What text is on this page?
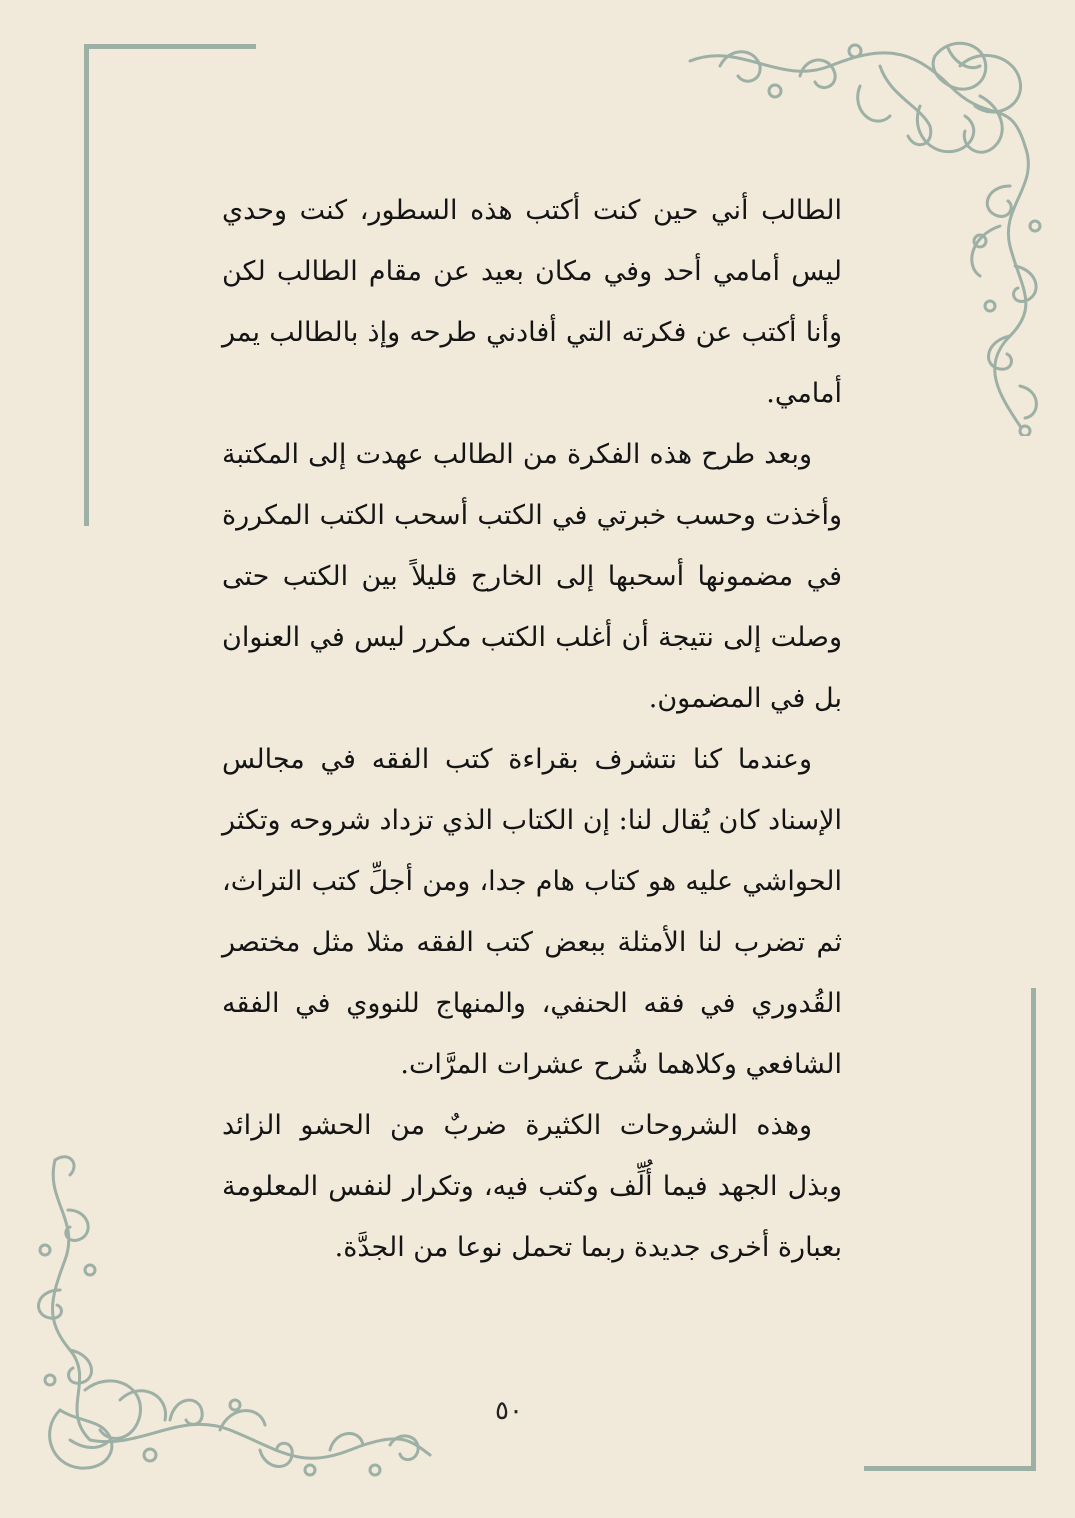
الطالب أني حين كنت أكتب هذه السطور، كنت وحدي ليس أمامي أحد وفي مكان بعيد عن مقام الطالب لكن وأنا أكتب عن فكرته التي أفادني طرحه وإذ بالطالب يمر أمامي.

وبعد طرح هذه الفكرة من الطالب عهدت إلى المكتبة وأخذت وحسب خبرتي في الكتب أسحب الكتب المكررة في مضمونها أسحبها إلى الخارج قليلاً بين الكتب حتى وصلت إلى نتيجة أن أغلب الكتب مكرر ليس في العنوان بل في المضمون.

وعندما كنا نتشرف بقراءة كتب الفقه في مجالس الإسناد كان يُقال لنا: إن الكتاب الذي تزداد شروحه وتكثر الحواشي عليه هو كتاب هام جدا، ومن أجلِّ كتب التراث، ثم تضرب لنا الأمثلة ببعض كتب الفقه مثلا مثل مختصر القُدوري في فقه الحنفي، والمنهاج للنووي في الفقه الشافعي وكلاهما شُرح عشرات المرَّات.

وهذه الشروحات الكثيرة ضربٌ من الحشو الزائد وبذل الجهد فيما أُلِّف وكتب فيه، وتكرار لنفس المعلومة بعبارة أخرى جديدة ربما تحمل نوعا من الجدَّة.

٥٠
